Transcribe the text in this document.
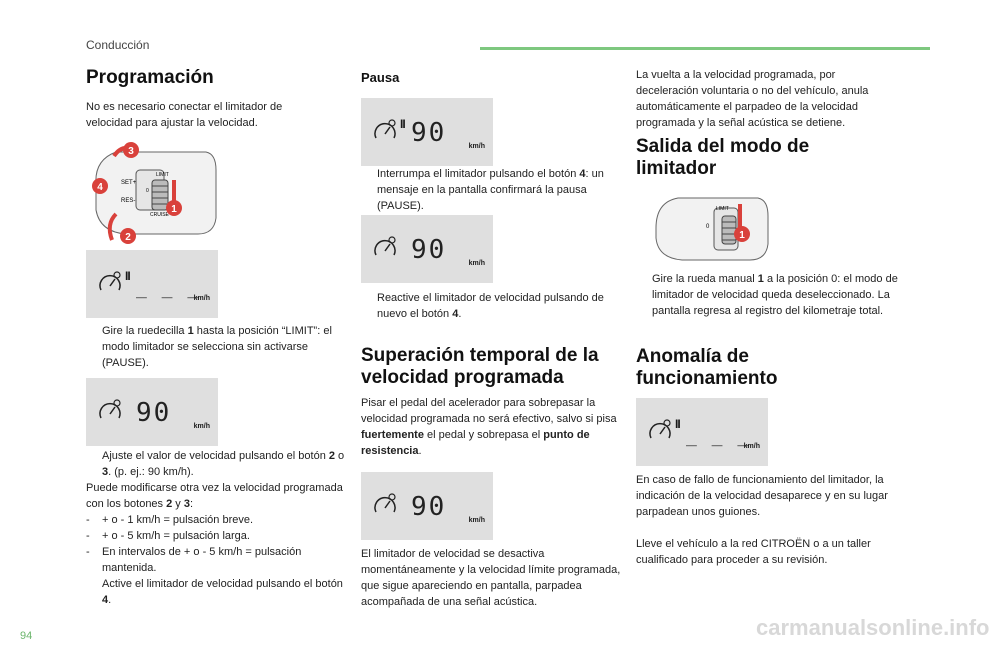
Conducción
Programación

No es necesario conectar el limitador de velocidad para ajustar la velocidad.

SET+
RES-
LIMIT
0
CRUISE
3
4
1
2
II
_ _ _
km/h
Gire la ruedecilla 1 hasta la posición “LIMIT”: el modo limitador se selecciona sin activarse (PAUSE).
90	km/h
Ajuste el valor de velocidad pulsando el botón 2 o 3. (p. ej.: 90 km/h).
Puede modificarse otra vez la velocidad programada con los botones 2 y 3:
- + o - 1 km/h = pulsación breve.
- + o - 5 km/h = pulsación larga.
- En intervalos de + o - 5 km/h = pulsación mantenida.
Active el limitador de velocidad pulsando el botón 4.
Pausa
II 90	km/h
Interrumpa el limitador pulsando el botón 4: un mensaje en la pantalla confirmará la pausa (PAUSE).
90	km/h
Reactive el limitador de velocidad pulsando de nuevo el botón 4.
Superación temporal de la
velocidad programada
Pisar el pedal del acelerador para sobrepasar la velocidad programada no será efectivo, salvo si pisa fuertemente el pedal y sobrepasa el punto de resistencia.
90	km/h

El limitador de velocidad se desactiva momentáneamente y la velocidad límite programada, que sigue apareciendo en pantalla, parpadea acompañada de una señal acústica.

La vuelta a la velocidad programada, por deceleración voluntaria o no del vehículo, anula automáticamente el parpadeo de la velocidad programada y la señal acústica se detiene.

Salida del modo de
limitador
LIMIT
0
1
Gire la rueda manual 1 a la posición 0: el modo de limitador de velocidad queda deseleccionado. La pantalla regresa al registro del kilometraje total.
Anomalía de
funcionamiento
II
_ _ _
km/h

En caso de fallo de funcionamiento del limitador, la indicación de la velocidad desaparece y en su lugar parpadean unos guiones.

Lleve el vehículo a la red CITROËN o a un taller cualificado para proceder a su revisión.

94	carmanualsonline.info
